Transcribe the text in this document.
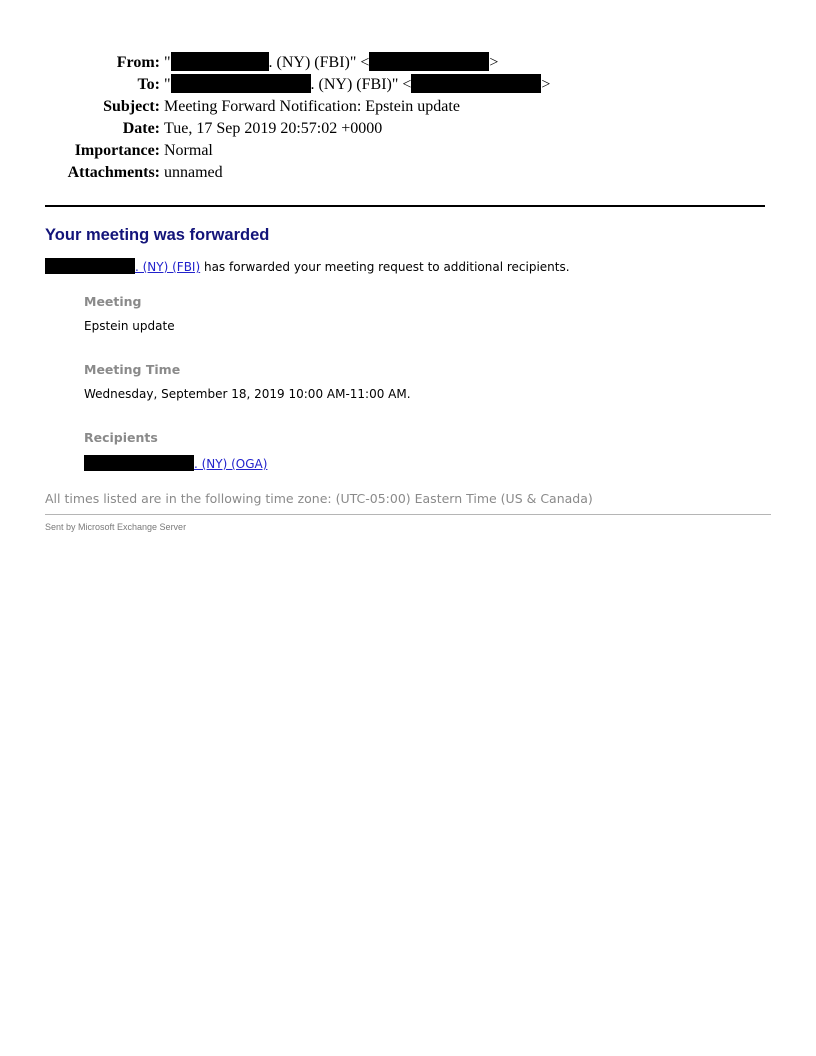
From: "	. (NY) (FBI)" <	>
To: "	. (NY) (FBI)" <	>
Subject: Meeting Forward Notification: Epstein update
Date: Tue, 17 Sep 2019 20:57:02 +0000
Importance: Normal
Attachments: unnamed
Your meeting was forwarded
. (NY) (FBI) has forwarded your meeting request to additional recipients.
Meeting
Epstein update
Meeting Time
Wednesday, September 18, 2019 10:00 AM-11:00 AM.
Recipients
. (NY) (OGA)
All times listed are in the following time zone: (UTC-05:00) Eastern Time (US & Canada)
Sent by Microsoft Exchange Server
